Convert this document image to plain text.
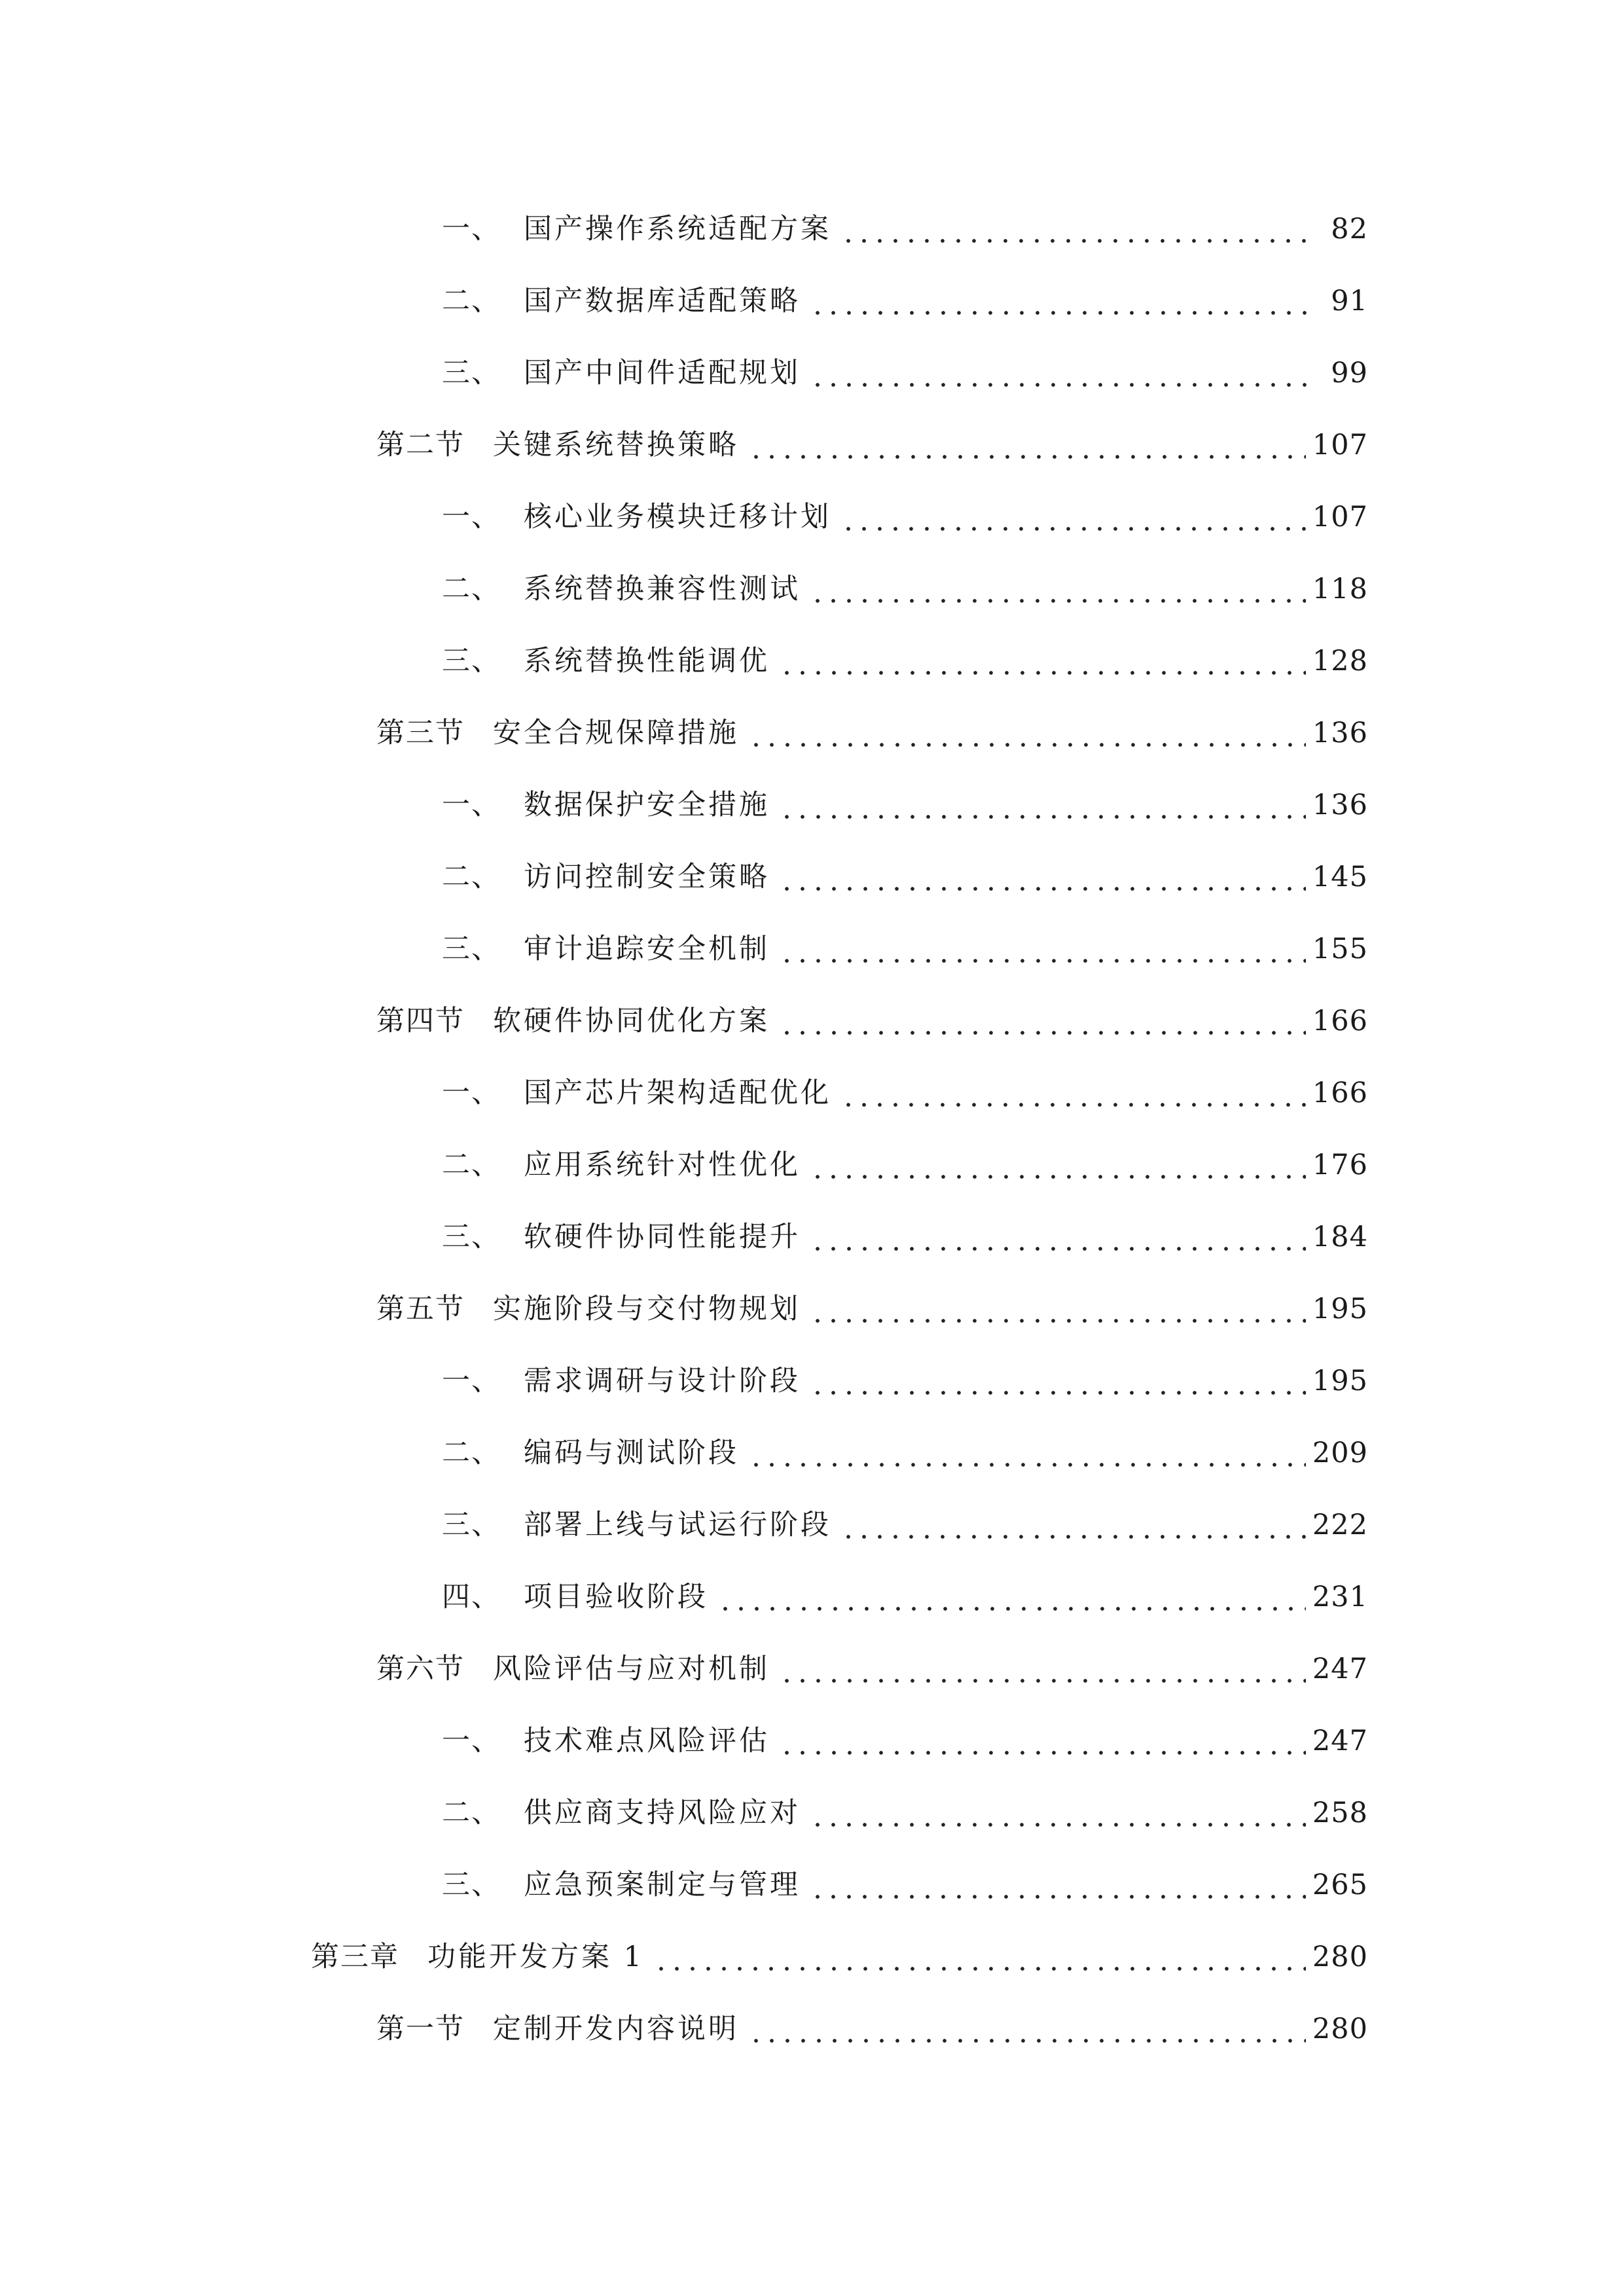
一、 国产操作系统适配方案	82
二、 国产数据库适配策略	91
三、 国产中间件适配规划	99
第二节	关键系统替换策略	107
一、 核心业务模块迁移计划	107
二、 系统替换兼容性测试	118
三、 系统替换性能调优	128
第三节	安全合规保障措施	136
一、 数据保护安全措施	136
二、 访问控制安全策略	145
三、 审计追踪安全机制	155
第四节	软硬件协同优化方案	166
一、 国产芯片架构适配优化	166
二、 应用系统针对性优化	176
三、 软硬件协同性能提升	184
第五节	实施阶段与交付物规划	195
一、 需求调研与设计阶段	195
二、 编码与测试阶段	209
三、 部署上线与试运行阶段	222
四、 项目验收阶段	231
第六节	风险评估与应对机制	247
一、 技术难点风险评估	247
二、 供应商支持风险应对	258
三、 应急预案制定与管理	265
第三章	功能开发方案 1	280
第一节	定制开发内容说明	280
